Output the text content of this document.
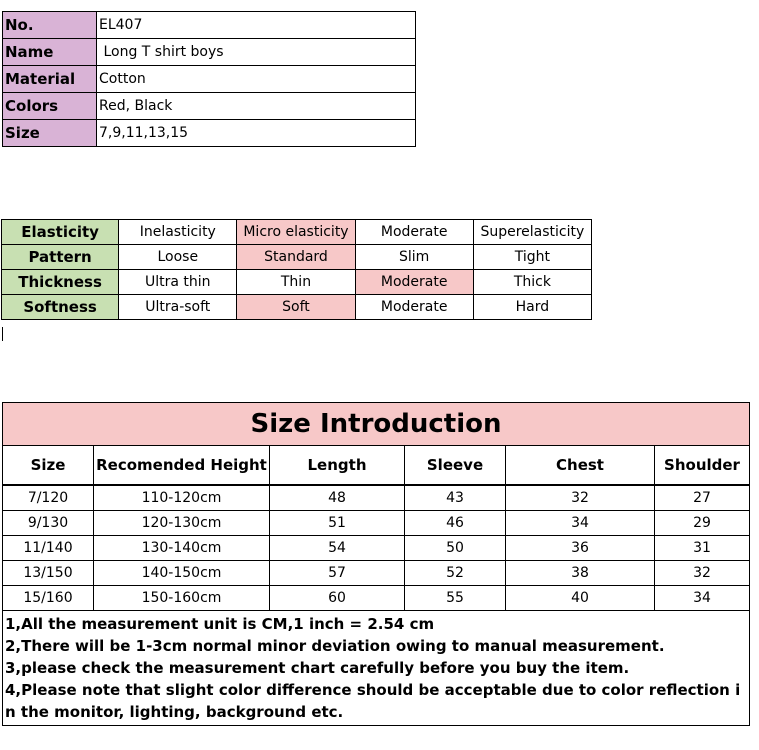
No.	EL407
Name	Long T shirt boys
Material	Cotton
Colors	Red, Black
Size	7,9,11,13,15
Elasticity	Inelasticity	Micro elasticity	Moderate	Superelasticity
Pattern	Loose	Standard	Slim	Tight
Thickness	Ultra thin	Thin	Moderate	Thick
Softness	Ultra-soft	Soft	Moderate	Hard
Size Introduction					
Size	Recomended Height	Length	Sleeve	Chest	Shoulder
7/120	110-120cm	48	43	32	27
9/130	120-130cm	51	46	34	29
11/140	130-140cm	54	50	36	31
13/150	140-150cm	57	52	38	32
15/160	150-160cm	60	55	40	34

1,All the measurement unit is CM,1 inch = 2.54 cm
2,There will be 1-3cm normal minor deviation owing to manual measurement.
3,please check the measurement chart carefully before you buy the item.
4,Please note that slight color difference should be acceptable due to color reflection in the monitor, lighting, background etc.					
